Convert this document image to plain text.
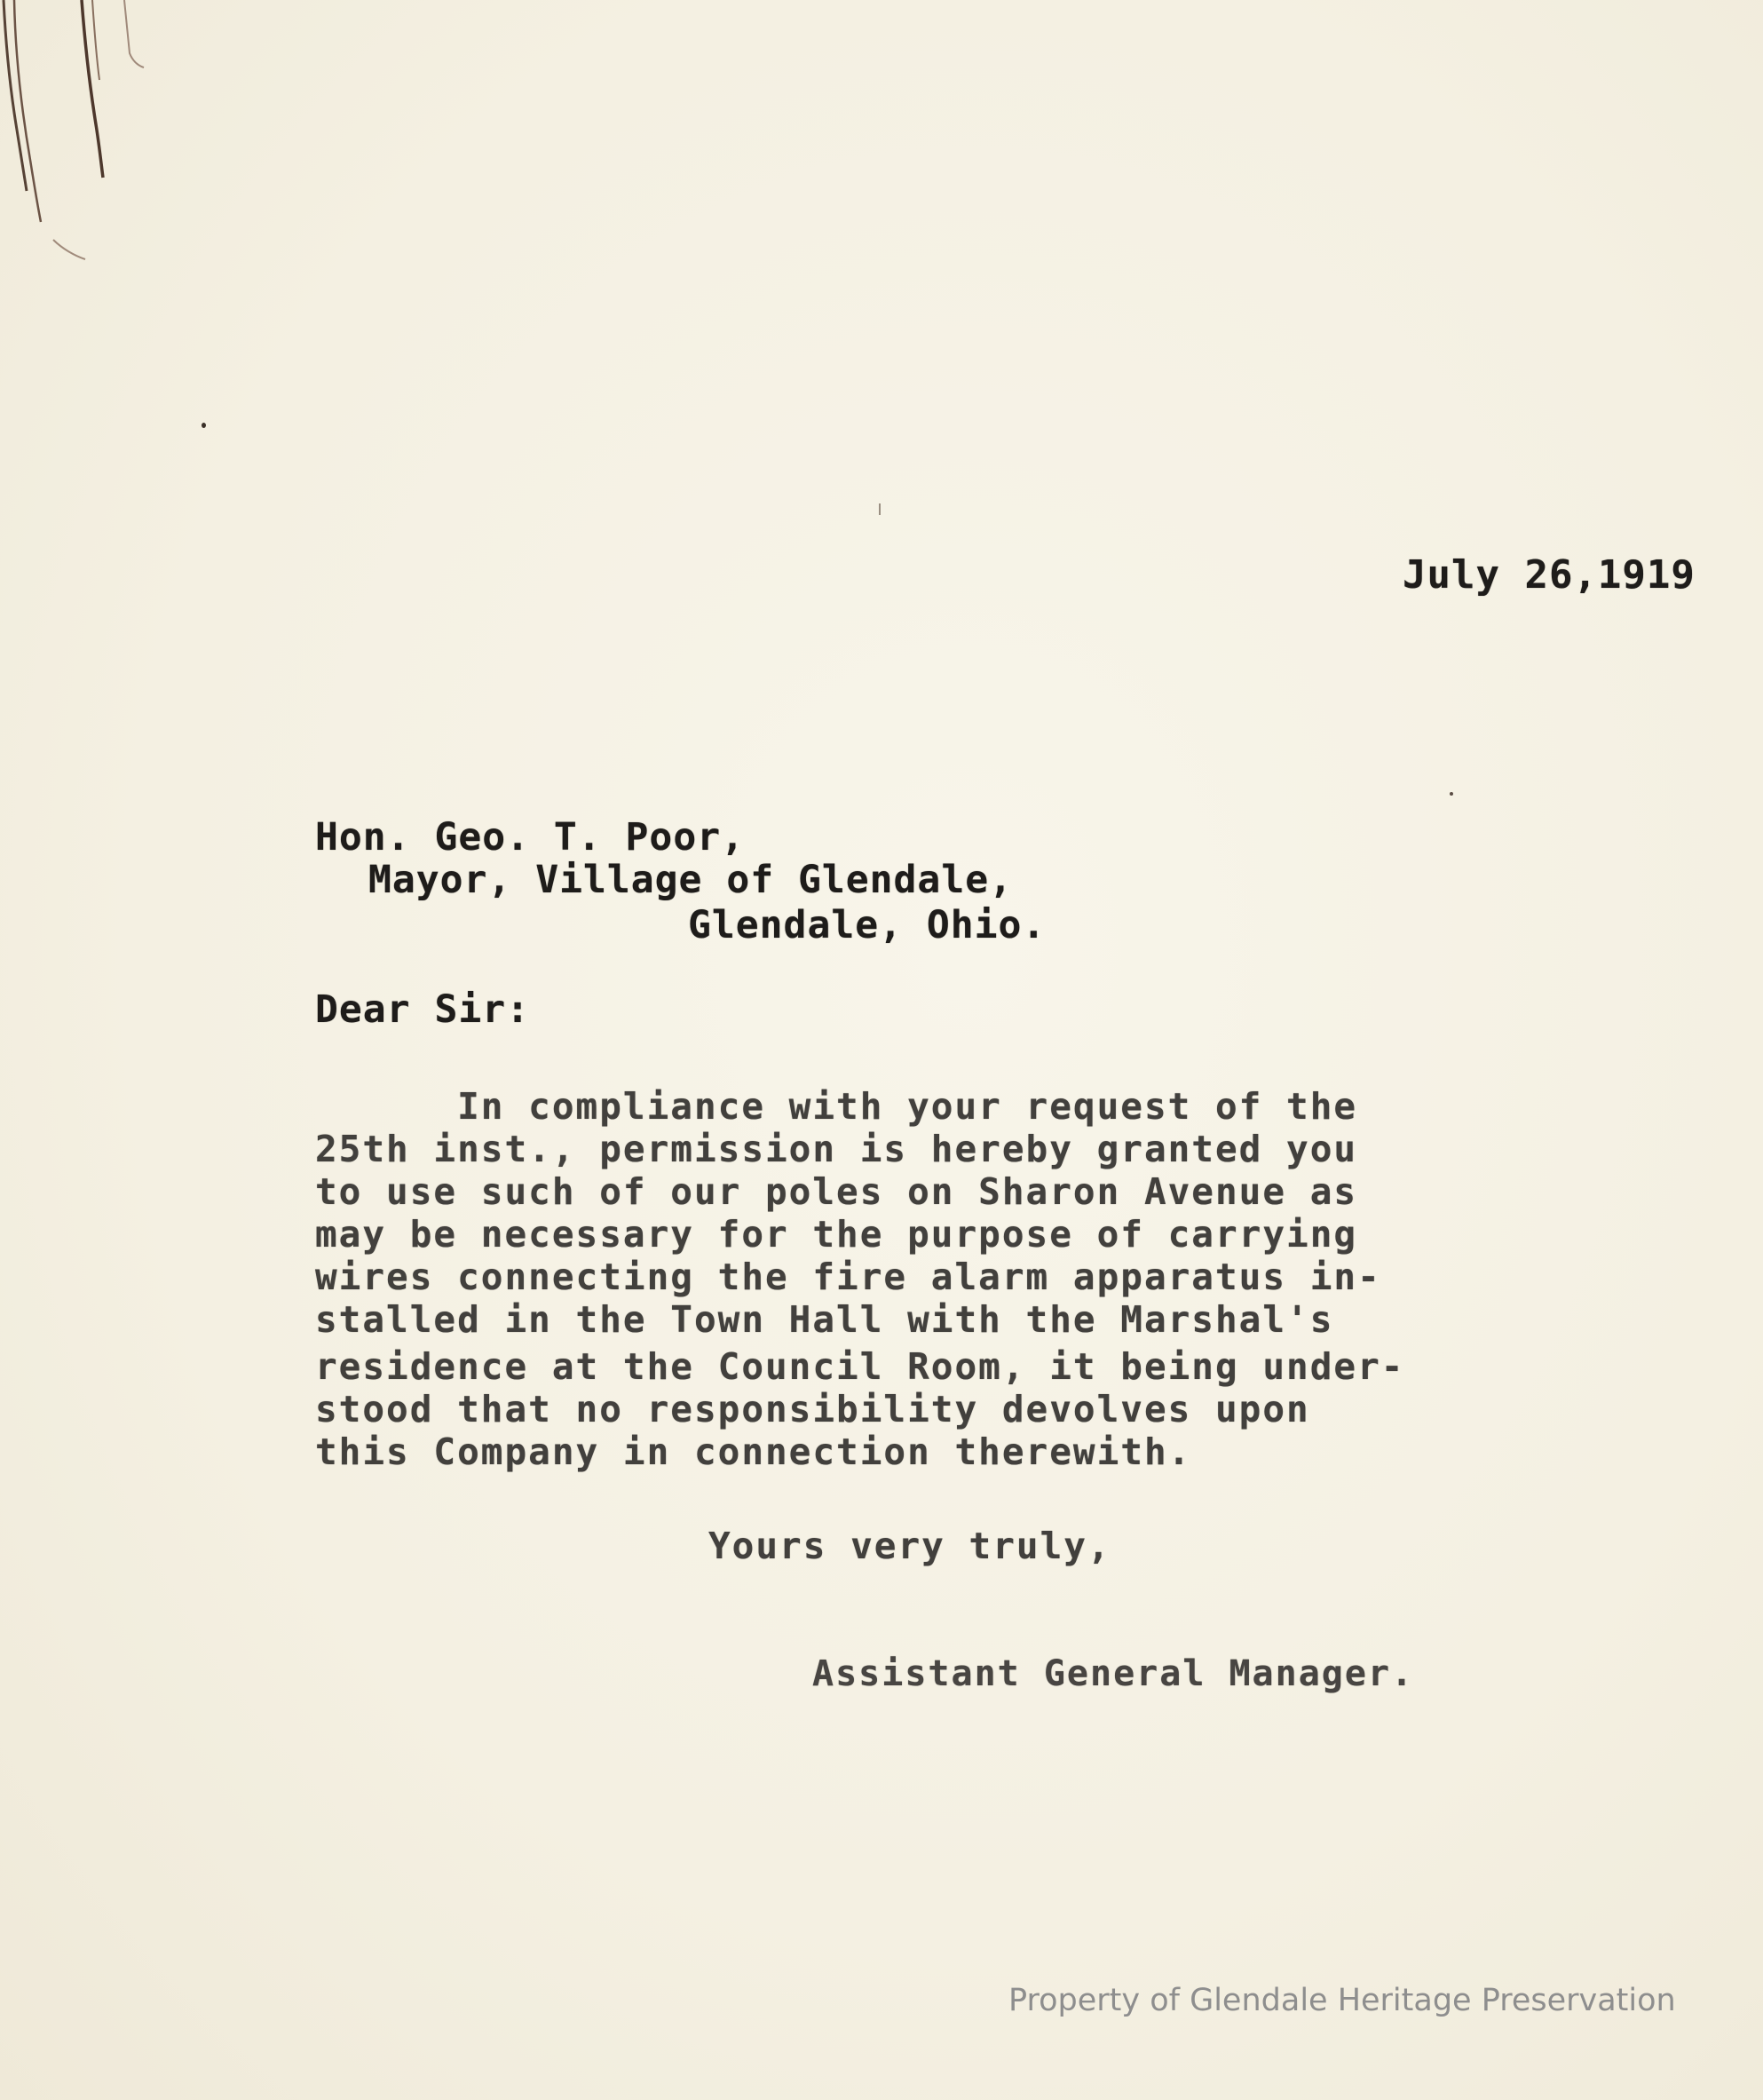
July 26,1919
Hon. Geo. T. Poor,
Mayor, Village of Glendale,
Glendale, Ohio.
Dear Sir:
In compliance with your request of the
25th inst., permission is hereby granted you
to use such of our poles on Sharon Avenue as
may be necessary for the purpose of carrying
wires connecting the fire alarm apparatus in-
stalled in the Town Hall with the Marshal's
residence at the Council Room, it being under-
stood that no responsibility devolves upon
this Company in connection therewith.
Yours very truly,
Assistant General Manager.
Property of Glendale Heritage Preservation
